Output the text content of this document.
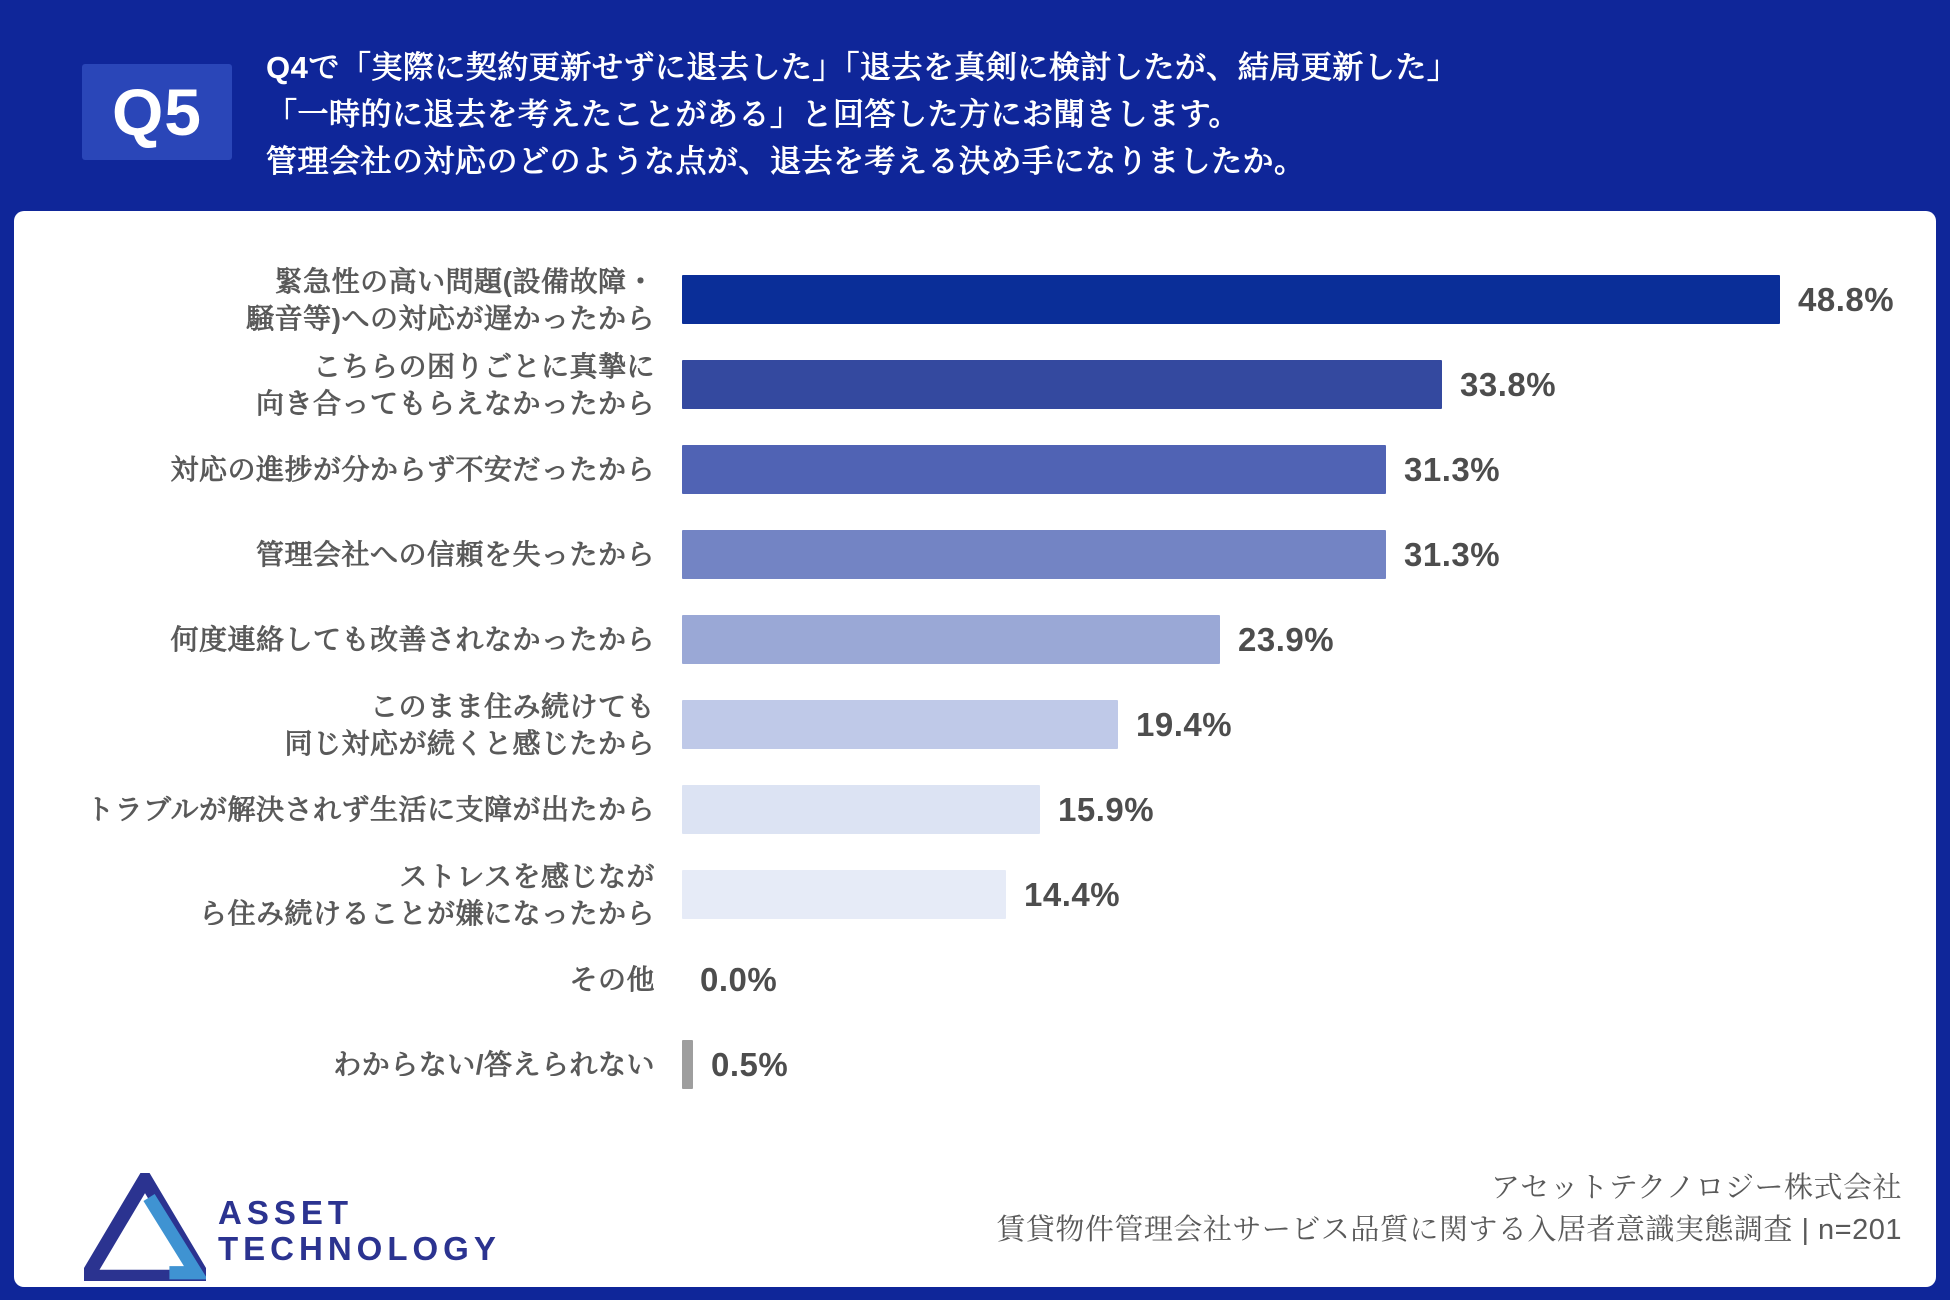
Q5
Q4で「実際に契約更新せずに退去した」「退去を真剣に検討したが、結局更新した」
「一時的に退去を考えたことがある」と回答した方にお聞きします。
管理会社の対応のどのような点が、退去を考える決め手になりましたか。
緊急性の高い問題(設備故障・
騒音等)への対応が遅かったから
48.8%
こちらの困りごとに真摯に
向き合ってもらえなかったから
33.8%
対応の進捗が分からず不安だったから	31.3%
管理会社への信頼を失ったから	31.3%
何度連絡しても改善されなかったから	23.9%
このまま住み続けても
同じ対応が続くと感じたから
19.4%
トラブルが解決されず生活に支障が出たから	15.9%
ストレスを感じなが
ら住み続けることが嫌になったから
14.4%
その他 0.0%
わからない/答えられない 0.5%
ASSET
TECHNOLOGY
アセットテクノロジー株式会社
賃貸物件管理会社サービス品質に関する入居者意識実態調査 | n=201
